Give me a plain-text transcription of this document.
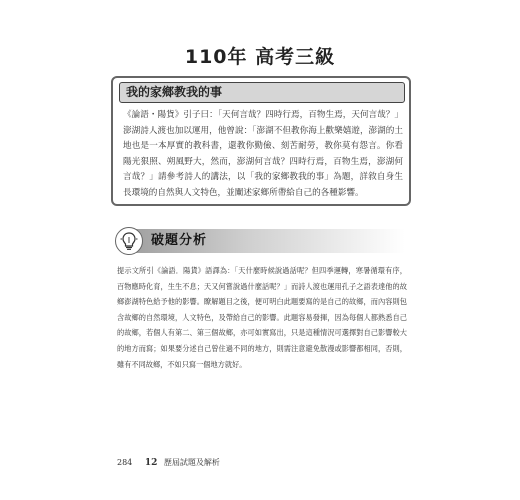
110年 高考三級
我的家鄉教我的事
《論語・陽貨》引子曰：「天何言哉？四時行焉，百物生焉，天何言哉？」澎湖詩人渡也加以運用，他曾說：「澎湖不但教你海上歡樂嬉遊，澎湖的土地也是一本厚實的教科書，還教你勤儉、刻苦耐勞，教你莫有怨言。你看陽光狠照、朔風野大，然而，澎湖何言哉？四時行焉，百物生焉，澎湖何言哉？」請參考詩人的講法，以「我的家鄉教我的事」為題，詳敘自身生長環境的自然與人文特色，並闡述家鄉所帶給自己的各種影響。
破題分析
提示文所引《論語．陽貨》語譯為：「天什麼時候說過話呢？但四季運轉，寒暑循環有序，百物應時化育，生生不息；天又何嘗說過什麼話呢？」而詩人渡也運用孔子之語表達他的故鄉澎湖特色給予他的影響。瞭解題目之後，便可明白此題要寫的是自己的故鄉，而內容則包含故鄉的自然環境，人文特色，及帶給自己的影響。此題容易發揮，因為每個人都熟悉自己的故鄉，若個人有第二、第三個故鄉，亦可如實寫出，只是這種情況可選擇對自己影響較大的地方而寫；如果要分述自己曾住過不同的地方，則需注意避免散漫或影響都相同，否則，雖有不同故鄉，不如只寫一個地方就好。
284 12 歷屆試題及解析
